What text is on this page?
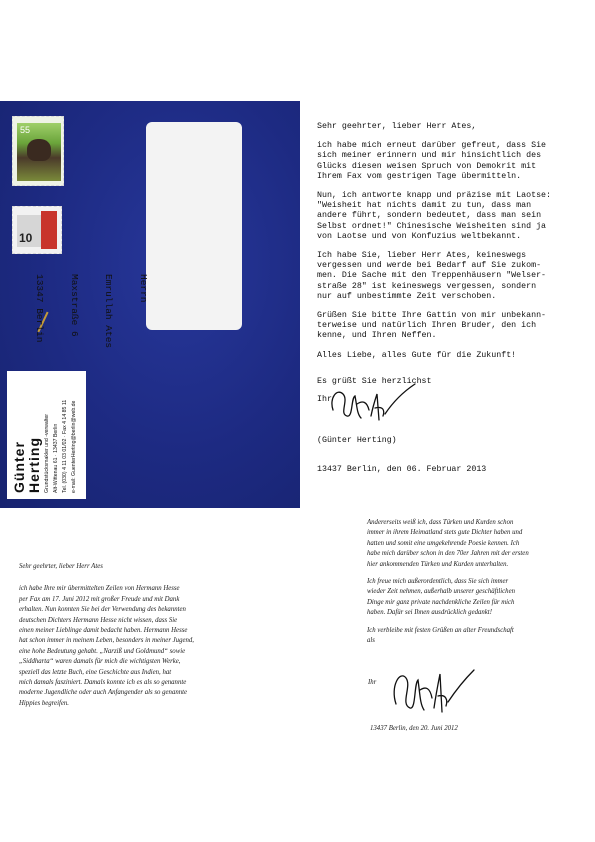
55
10
Günter Herting Grundstücksmakler und -verwalter Alt-Wittenau 61 · 13437 Berlin Tel. (030) 4 11 03 01/02 · Fax 4 14 85 11 e-mail: GuenterHerting@berlin@web.de

Herrn

Emrullah Ates

Maxstraße 6

13347 Berlin

Sehr geehrter, lieber Herr Ates,

ich habe mich erneut darüber gefreut, dass Sie
sich meiner erinnern und mir hinsichtlich des
Glücks diesen weisen Spruch von Demokrit mit
Ihrem Fax vom gestrigen Tage übermitteln.

Nun, ich antworte knapp und präzise mit Laotse:
"Weisheit hat nichts damit zu tun, dass man
andere führt, sondern bedeutet, dass man sein
Selbst ordnet!" Chinesische Weisheiten sind ja
von Laotse und von Konfuzius weltbekannt.

Ich habe Sie, lieber Herr Ates, keineswegs
vergessen und werde bei Bedarf auf Sie zukom-
men. Die Sache mit den Treppenhäusern "Welser-
straße 28" ist keineswegs vergessen, sondern
nur auf unbestimmte Zeit verschoben.

Grüßen Sie bitte Ihre Gattin von mir unbekann-
terweise und natürlich Ihren Bruder, den ich
kenne, und Ihren Neffen.

Alles Liebe, alles Gute für die Zukunft!

Es grüßt Sie herzlichst
Ihr
(Günter Herting)
13437 Berlin, den 06. Februar 2013
Sehr geehrter, lieber Herr Ates
ich habe Ihre mir übermittelten Zeilen von Hermann Hesse
per Fax am 17. Juni 2012 mit großer Freude und mit Dank
erhalten. Nun konnten Sie bei der Verwendung des bekannten
deutschen Dichters Hermann Hesse nicht wissen, dass Sie
einen meiner Lieblinge damit bedacht haben. Hermann Hesse
hat schon immer in meinem Leben, besonders in meiner Jugend,
eine hohe Bedeutung gehabt. „Narziß und Goldmund“ sowie
„Siddharta“ waren damals für mich die wichtigsten Werke,
speziell das letzte Buch, eine Geschichte aus Indien, hat
mich damals fasziniert. Damals konnte ich es als so genannte
moderne Jugendliche oder auch Anfangender als so genannte
Hippies begreifen.
Andererseits weiß ich, dass Türken und Kurden schon
immer in ihrem Heimatland stets gute Dichter haben und
hatten und somit eine umgekehrende Poesie kennen. Ich
habe mich darüber schon in den 70er Jahren mit der ersten
hier ankommenden Türken und Kurden unterhalten.
Ich freue mich außerordentlich, dass Sie sich immer
wieder Zeit nehmen, außerhalb unserer geschäftlichen
Dinge mir ganz private nachdenkliche Zeilen für mich
haben. Dafür sei Ihnen ausdrücklich gedankt!
Ich verbleibe mit festen Grüßen an alter Freundschaft
als
Ihr
13437 Berlin, den 20. Juni 2012
